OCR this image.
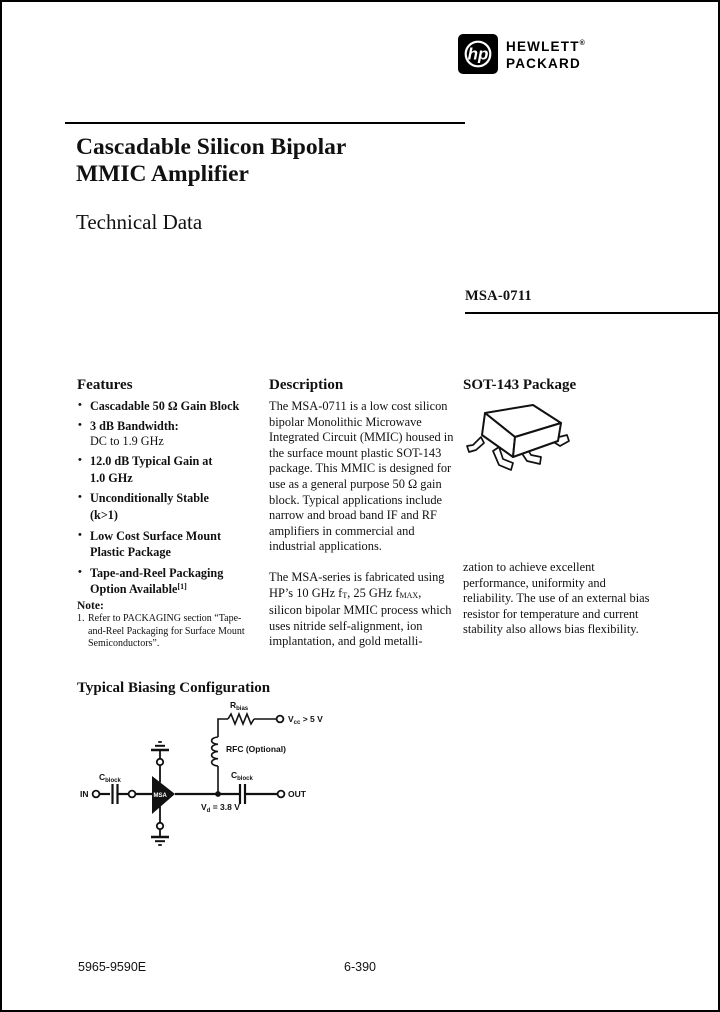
hp HEWLETT®
PACKARD
Cascadable Silicon Bipolar
MMIC Amplifier
Technical Data
MSA-0711
Features
• Cascadable 50 Ω Gain Block
• 3 dB Bandwidth:
DC to 1.9 GHz
• 12.0 dB Typical Gain at
1.0 GHz
• Unconditionally Stable
(k>1)
• Low Cost Surface Mount
Plastic Package
• Tape-and-Reel Packaging
Option Available[1]
Note:
1. Refer to PACKAGING section “Tape-and-Reel Packaging for Surface Mount Semiconductors”.
Description
The MSA-0711 is a low cost silicon bipolar Monolithic Microwave Integrated Circuit (MMIC) housed in the surface mount plastic SOT-143 package. This MMIC is designed for use as a general purpose 50 Ω gain block. Typical applications include narrow and broad band IF and RF amplifiers in commercial and industrial applications.
The MSA-series is fabricated using HP’s 10 GHz fT, 25 GHz fMAX, silicon bipolar MMIC process which uses nitride self-alignment, ion implantation, and gold metalli-
SOT-143 Package
zation to achieve excellent performance, uniformity and reliability. The use of an external bias resistor for temperature and current stability also allows bias flexibility.
Typical Biasing Configuration
MSA
IN
$C_{block}$
$C_{block}$
$R_{bias}$
RFC (Optional)
$V_{cc} > 5$ V
$V_d = 3.8$ V
OUT
5965-9590E	6-390
